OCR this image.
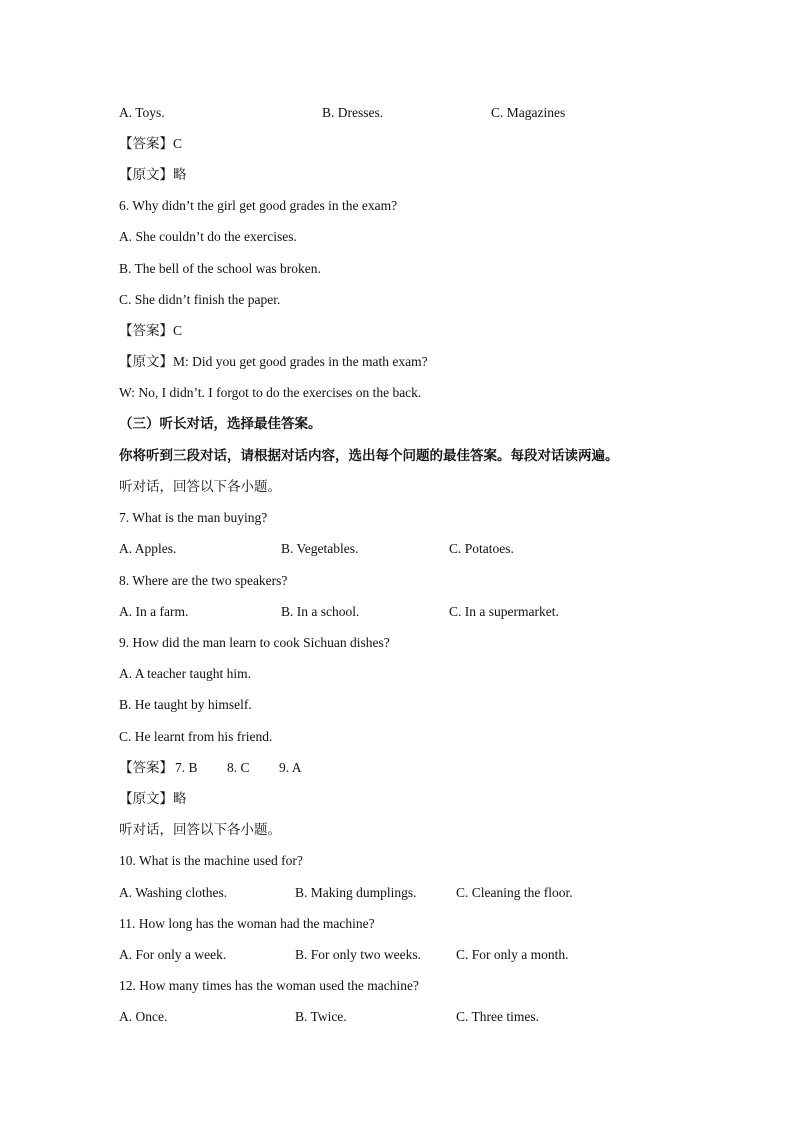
A. Toys.	B. Dresses.	C. Magazines
【答案】C
【原文】略
6. Why didn’t the girl get good grades in the exam?
A. She couldn’t do the exercises.
B. The bell of the school was broken.
C. She didn’t finish the paper.
【答案】C
【原文】M: Did you get good grades in the math exam?
W: No, I didn’t. I forgot to do the exercises on the back.
（三）听长对话，选择最佳答案。
你将听到三段对话，请根据对话内容，选出每个问题的最佳答案。每段对话读两遍。
听对话，回答以下各小题。
7. What is the man buying?
A. Apples.	B. Vegetables.	C. Potatoes.
8. Where are the two speakers?
A. In a farm.	B. In a school.	C. In a supermarket.
9. How did the man learn to cook Sichuan dishes?
A. A teacher taught him.
B. He taught by himself.
C. He learnt from his friend.
【答案】 7. B 8. C 9. A
【原文】略
听对话，回答以下各小题。
10. What is the machine used for?
A. Washing clothes.	B. Making dumplings.	C. Cleaning the floor.
11. How long has the woman had the machine?
A. For only a week.	B. For only two weeks.	C. For only a month.
12. How many times has the woman used the machine?
A. Once.	B. Twice.	C. Three times.
